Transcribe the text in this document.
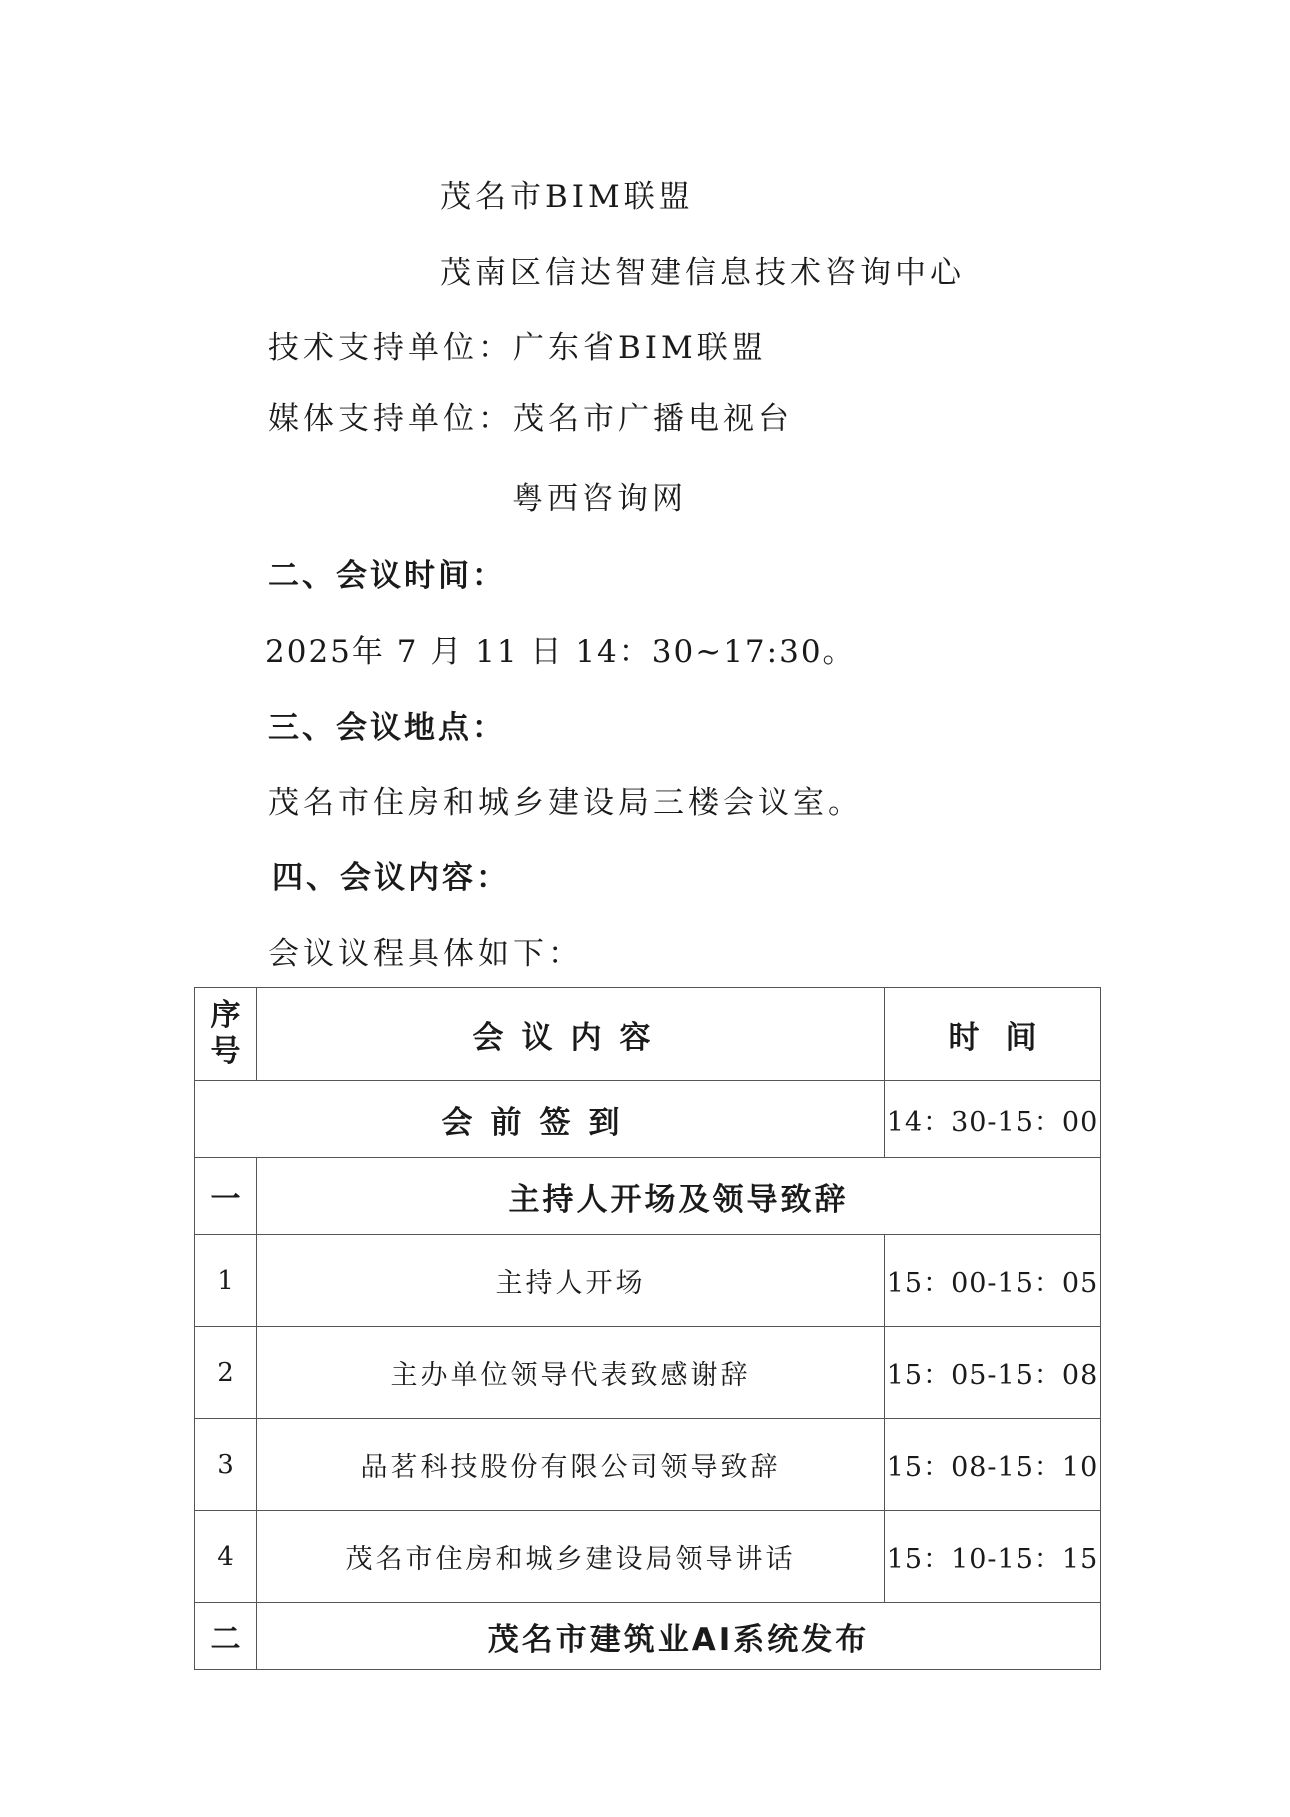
茂名市BIM联盟
茂南区信达智建信息技术咨询中心
技术支持单位：广东省BIM联盟
媒体支持单位：茂名市广播电视台
粤西咨询网
二、会议时间：
2025年 7 月 11 日 14：30~17:30。
三、会议地点：
茂名市住房和城乡建设局三楼会议室。
四、会议内容：
会议议程具体如下：
序号	会议内容	时间
会前签到		14：30-15：00
一	主持人开场及领导致辞	
1	主持人开场	15：00-15：05
2	主办单位领导代表致感谢辞	15：05-15：08
3	品茗科技股份有限公司领导致辞	15：08-15：10
4	茂名市住房和城乡建设局领导讲话	15：10-15：15
二	茂名市建筑业AI系统发布	
